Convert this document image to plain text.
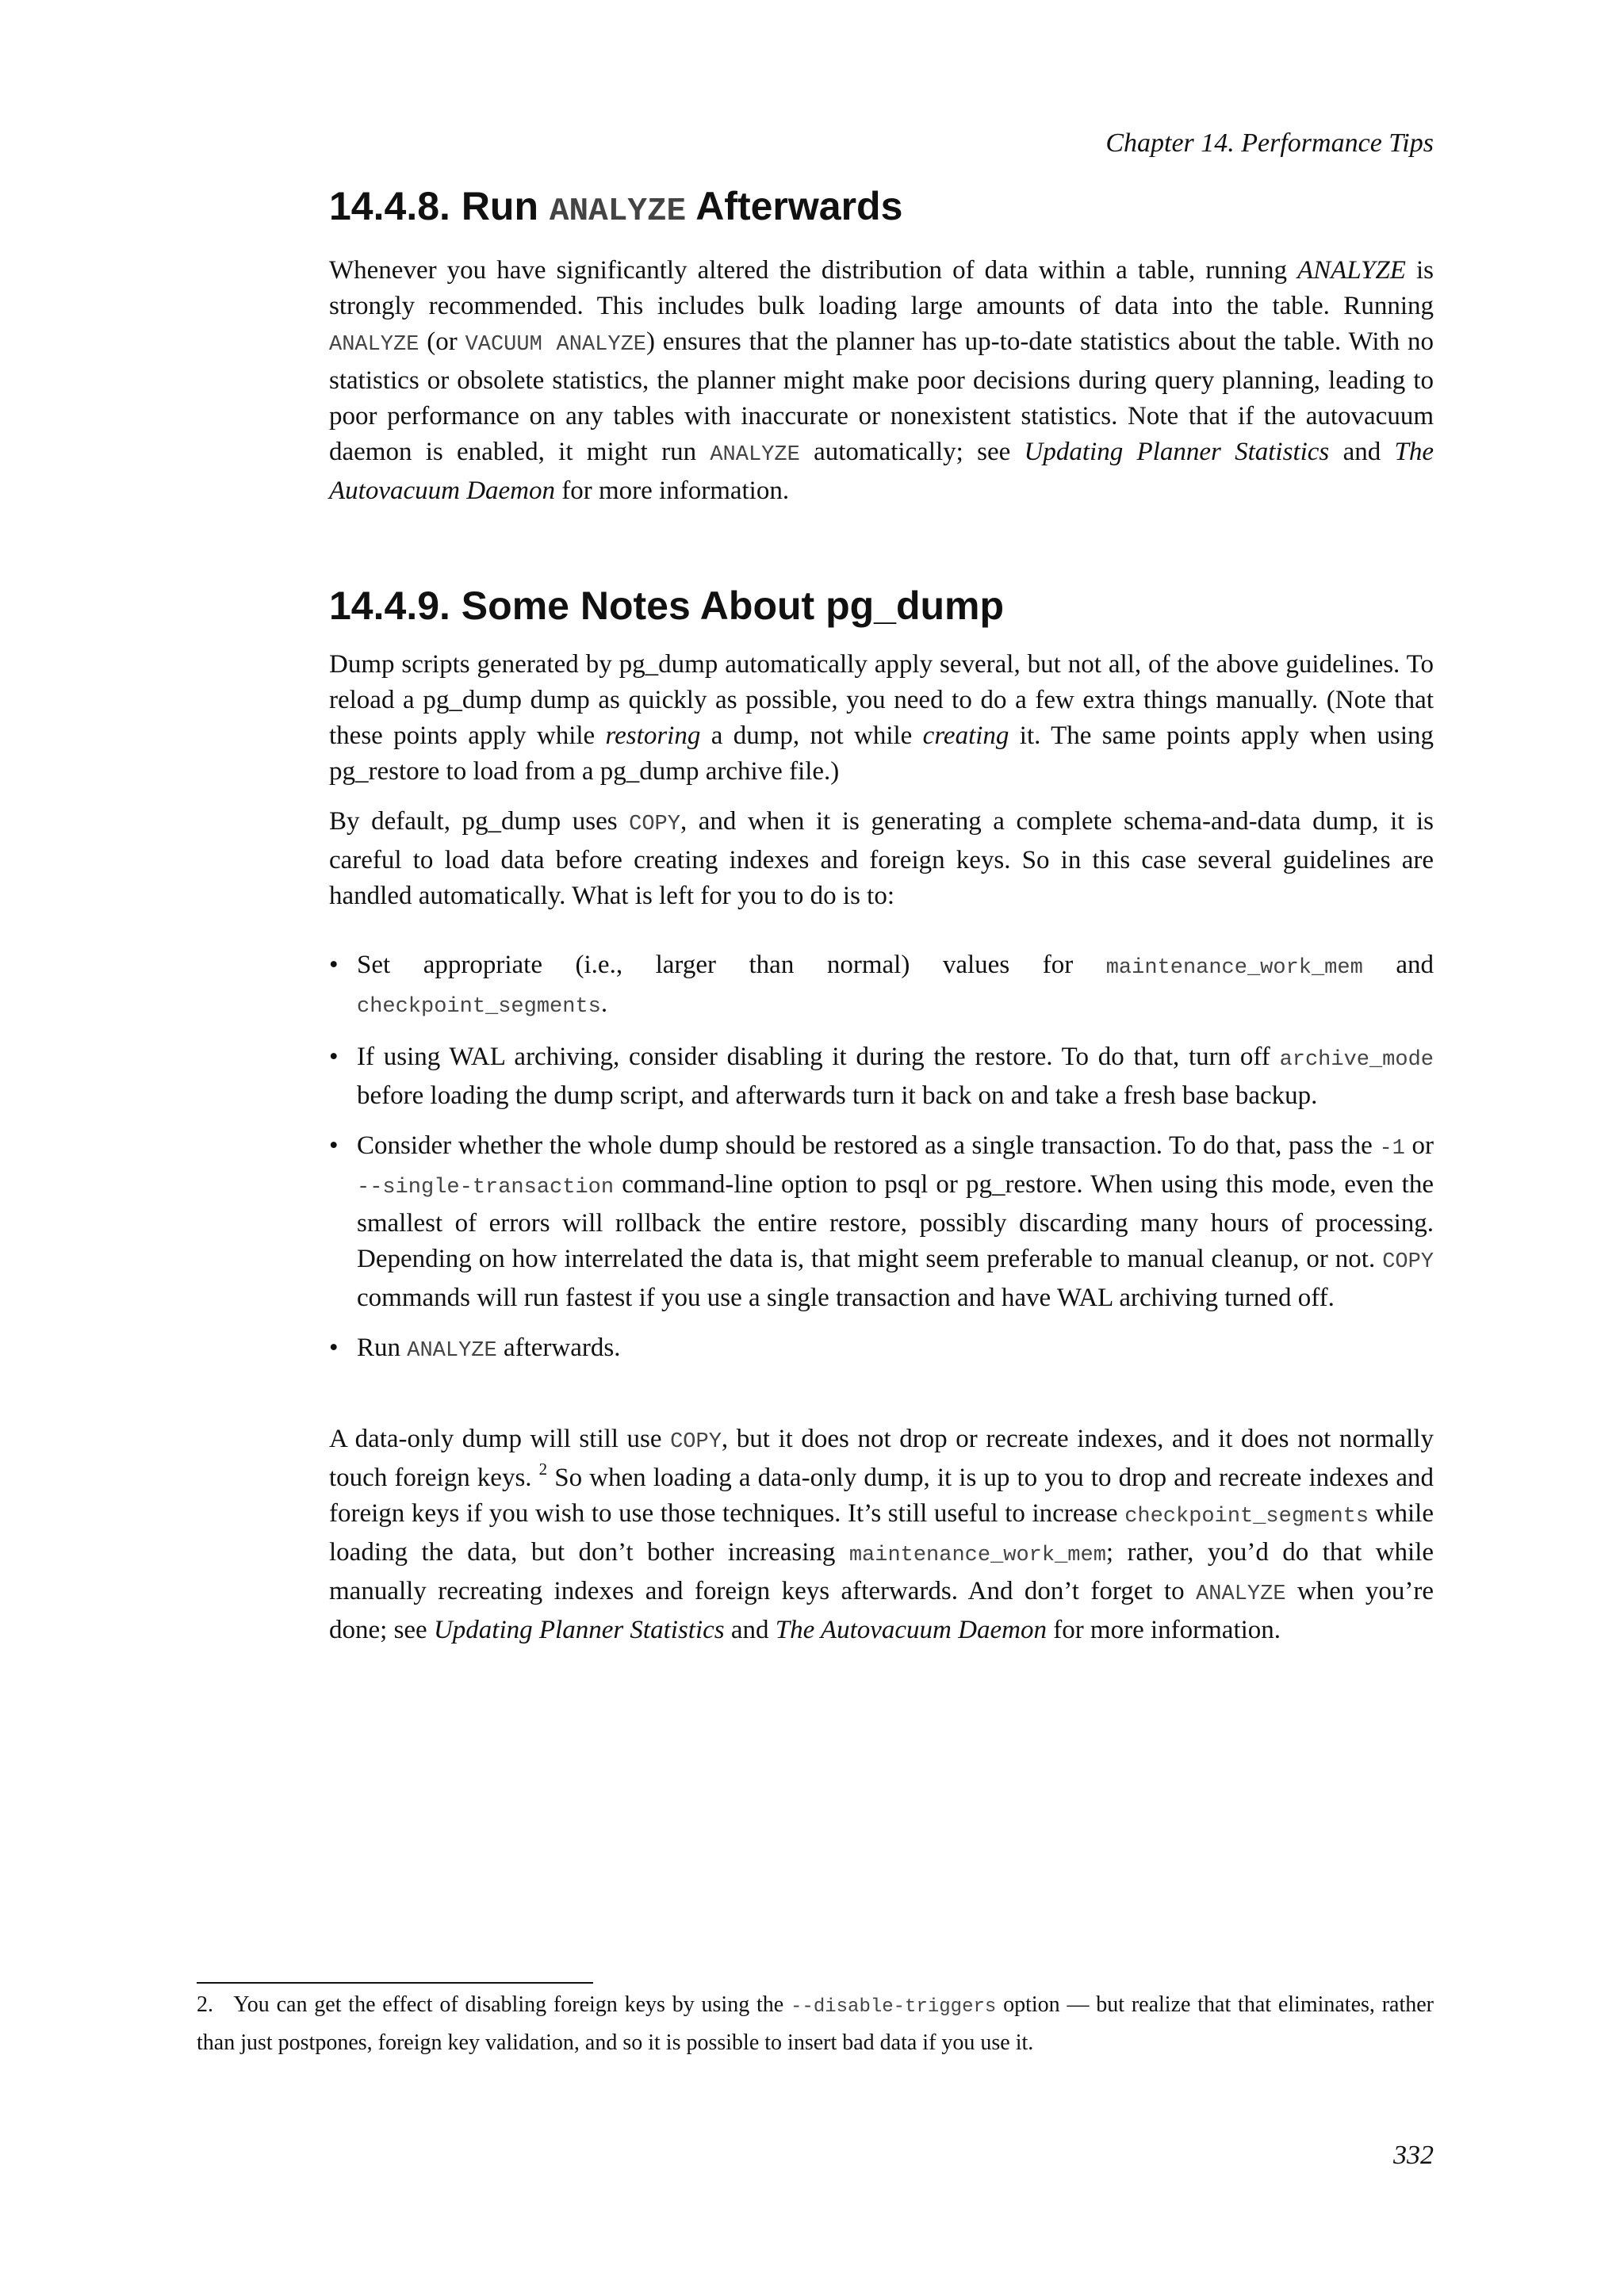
Chapter 14. Performance Tips
14.4.8. Run ANALYZE Afterwards

Whenever you have significantly altered the distribution of data within a table, running ANALYZE is strongly recommended. This includes bulk loading large amounts of data into the table. Running ANALYZE (or VACUUM ANALYZE) ensures that the planner has up-to-date statistics about the table. With no statistics or obsolete statistics, the planner might make poor decisions during query planning, leading to poor performance on any tables with inaccurate or nonexistent statistics. Note that if the autovacuum daemon is enabled, it might run ANALYZE automatically; see Updating Planner Statistics and The Autovacuum Daemon for more information.

14.4.9. Some Notes About pg_dump

Dump scripts generated by pg_dump automatically apply several, but not all, of the above guidelines. To reload a pg_dump dump as quickly as possible, you need to do a few extra things manually. (Note that these points apply while restoring a dump, not while creating it. The same points apply when using pg_restore to load from a pg_dump archive file.)

By default, pg_dump uses COPY, and when it is generating a complete schema-and-data dump, it is careful to load data before creating indexes and foreign keys. So in this case several guidelines are handled automatically. What is left for you to do is to:

• Set appropriate (i.e., larger than normal) values for maintenance_work_mem and checkpoint_segments.
• If using WAL archiving, consider disabling it during the restore. To do that, turn off archive_mode before loading the dump script, and afterwards turn it back on and take a fresh base backup.
• Consider whether the whole dump should be restored as a single transaction. To do that, pass the -1 or --single-transaction command-line option to psql or pg_restore. When using this mode, even the smallest of errors will rollback the entire restore, possibly discarding many hours of processing. Depending on how interrelated the data is, that might seem preferable to manual cleanup, or not. COPY commands will run fastest if you use a single transaction and have WAL archiving turned off.
• Run ANALYZE afterwards.

A data-only dump will still use COPY, but it does not drop or recreate indexes, and it does not normally touch foreign keys. $^2$ So when loading a data-only dump, it is up to you to drop and recreate indexes and foreign keys if you wish to use those techniques. It’s still useful to increase checkpoint_segments while loading the data, but don’t bother increasing maintenance_work_mem; rather, you’d do that while manually recreating indexes and foreign keys afterwards. And don’t forget to ANALYZE when you’re done; see Updating Planner Statistics and The Autovacuum Daemon for more information.

2. You can get the effect of disabling foreign keys by using the --disable-triggers option — but realize that that eliminates, rather than just postpones, foreign key validation, and so it is possible to insert bad data if you use it.
332
